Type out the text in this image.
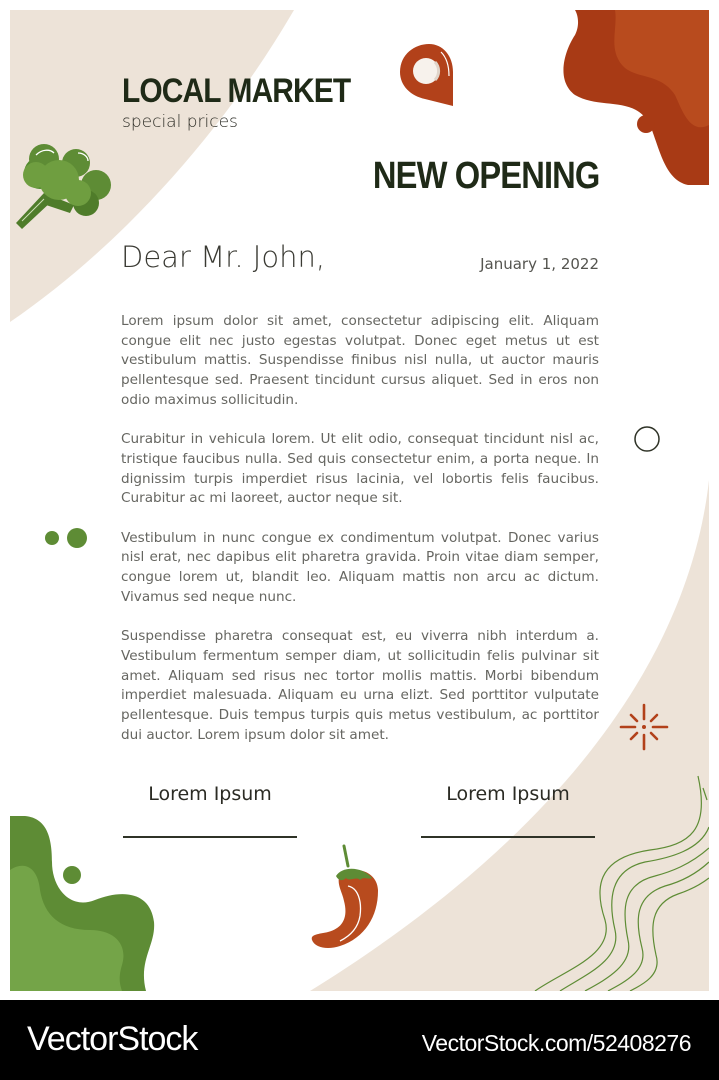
LOCAL MARKET
special prices
NEW OPENING
Dear Mr. John,	January 1, 2022

Lorem ipsum dolor sit amet, consectetur adipiscing elit. Aliquam congue elit nec justo egestas volutpat. Donec eget metus ut est vestibulum mattis. Suspendisse finibus nisl nulla, ut auctor mauris pellentesque sed. Praesent tincidunt cursus aliquet. Sed in eros non odio maximus sollicitudin.

Curabitur in vehicula lorem. Ut elit odio, consequat tincidunt nisl ac, tristique faucibus nulla. Sed quis consectetur enim, a porta neque. In dignissim turpis imperdiet risus lacinia, vel lobortis felis faucibus. Curabitur ac mi laoreet, auctor neque sit.

Vestibulum in nunc congue ex condimentum volutpat. Donec varius nisl erat, nec dapibus elit pharetra gravida. Proin vitae diam semper, congue lorem ut, blandit leo. Aliquam mattis non arcu ac dictum. Vivamus sed neque nunc.

Suspendisse pharetra consequat est, eu viverra nibh interdum a. Vestibulum fermentum semper diam, ut sollicitudin felis pulvinar sit amet. Aliquam sed risus nec tortor mollis mattis. Morbi bibendum imperdiet malesuada. Aliquam eu urna elizt. Sed porttitor vulputate pellentesque. Duis tempus turpis quis metus vestibulum, ac porttitor dui auctor. Lorem ipsum dolor sit amet.

Lorem Ipsum	Lorem Ipsum
VectorStock	VectorStock.com/52408276
